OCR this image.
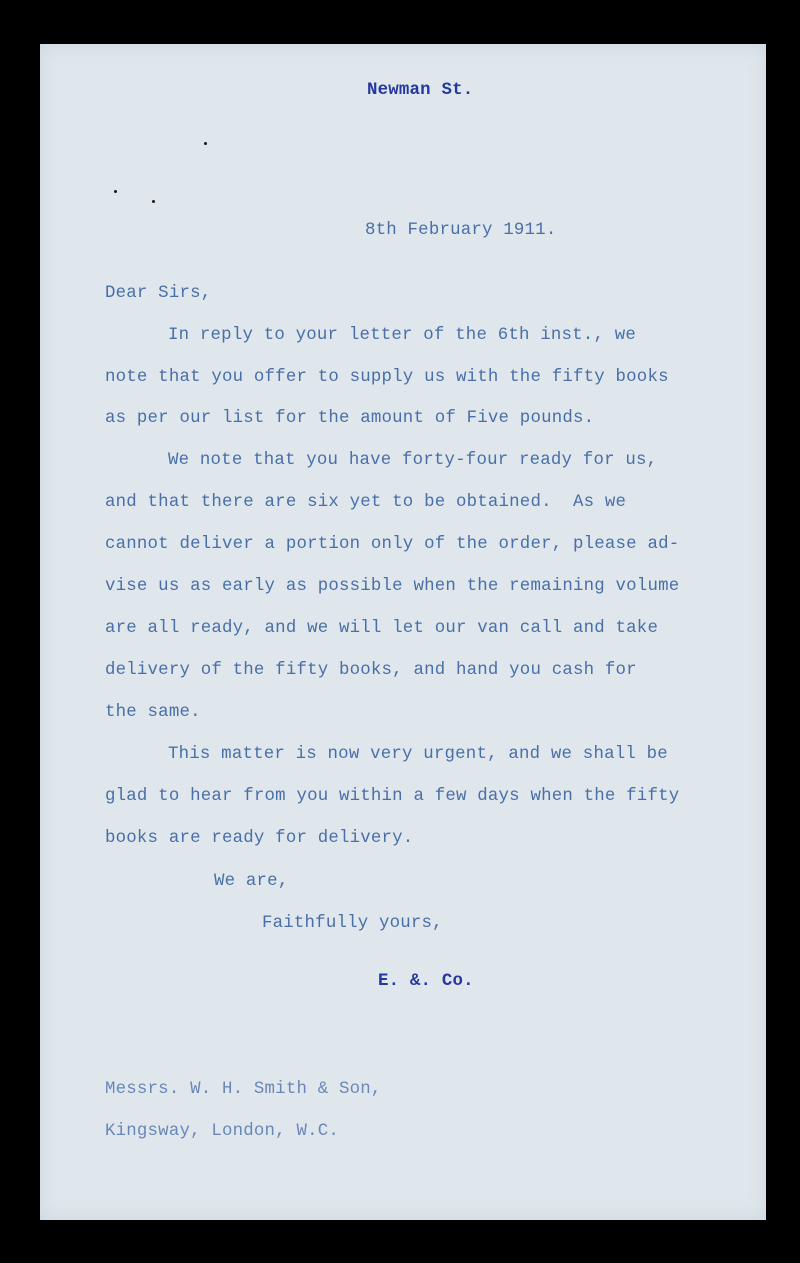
Newman St.

8th February 1911.

Dear Sirs,

In reply to your letter of the 6th inst., we

note that you offer to supply us with the fifty books

as per our list for the amount of Five pounds.

We note that you have forty-four ready for us,

and that there are six yet to be obtained.  As we

cannot deliver a portion only of the order, please ad-

vise us as early as possible when the remaining volume

are all ready, and we will let our van call and take

delivery of the fifty books, and hand you cash for

the same.

This matter is now very urgent, and we shall be

glad to hear from you within a few days when the fifty

books are ready for delivery.

We are,

Faithfully yours,

E. &. Co.

Messrs. W. H. Smith & Son,

Kingsway, London, W.C.
